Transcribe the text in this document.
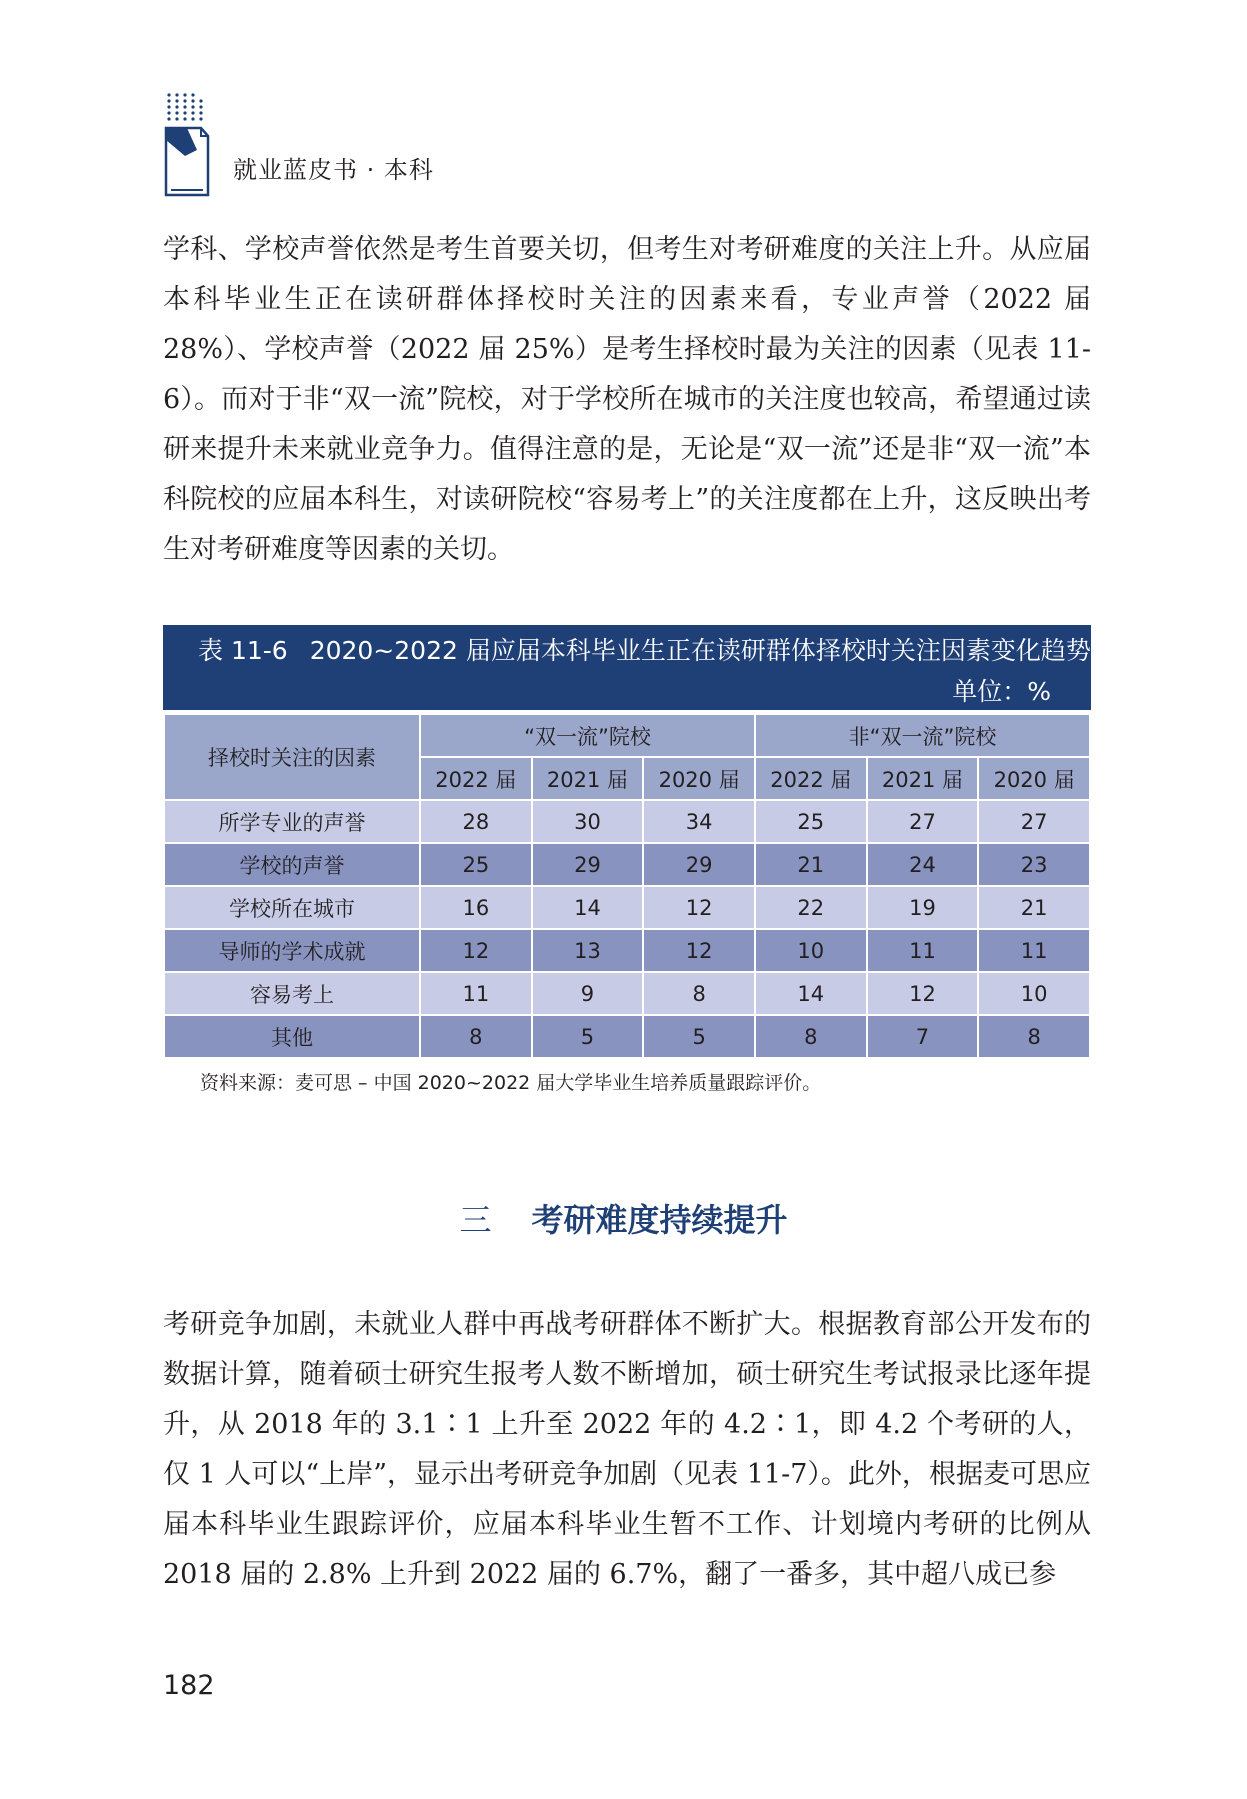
就业蓝皮书 · 本科

学科、学校声誉依然是考生首要关切，但考生对考研难度的关注上升。从应届本科毕业生正在读研群体择校时关注的因素来看，专业声誉（2022 届 28%）、学校声誉（2022 届 25%）是考生择校时最为关注的因素（见表 11-6）。而对于非“双一流”院校，对于学校所在城市的关注度也较高，希望通过读研来提升未来就业竞争力。值得注意的是，无论是“双一流”还是非“双一流”本科院校的应届本科生，对读研院校“容易考上”的关注度都在上升，这反映出考生对考研难度等因素的关切。

表 11-6 2020~2022 届应届本科毕业生正在读研群体择校时关注因素变化趋势
单位：%
择校时关注的因素	“双一流”院校			非“双一流”院校		
	2022 届	2021 届	2020 届	2022 届	2021 届	2020 届
所学专业的声誉	28	30	34	25	27	27
学校的声誉	25	29	29	21	24	23
学校所在城市	16	14	12	22	19	21
导师的学术成就	12	13	12	10	11	11
容易考上	11	9	8	14	12	10
其他	8	5	5	8	7	8
资料来源：麦可思 – 中国 2020~2022 届大学毕业生培养质量跟踪评价。
三 考研难度持续提升

考研竞争加剧，未就业人群中再战考研群体不断扩大。根据教育部公开发布的数据计算，随着硕士研究生报考人数不断增加，硕士研究生考试报录比逐年提升，从 2018 年的 3.1∶1 上升至 2022 年的 4.2∶1，即 4.2 个考研的人，仅 1 人可以“上岸”，显示出考研竞争加剧（见表 11-7）。此外，根据麦可思应届本科毕业生跟踪评价，应届本科毕业生暂不工作、计划境内考研的比例从 2018 届的 2.8% 上升到 2022 届的 6.7%，翻了一番多，其中超八成已参

182
